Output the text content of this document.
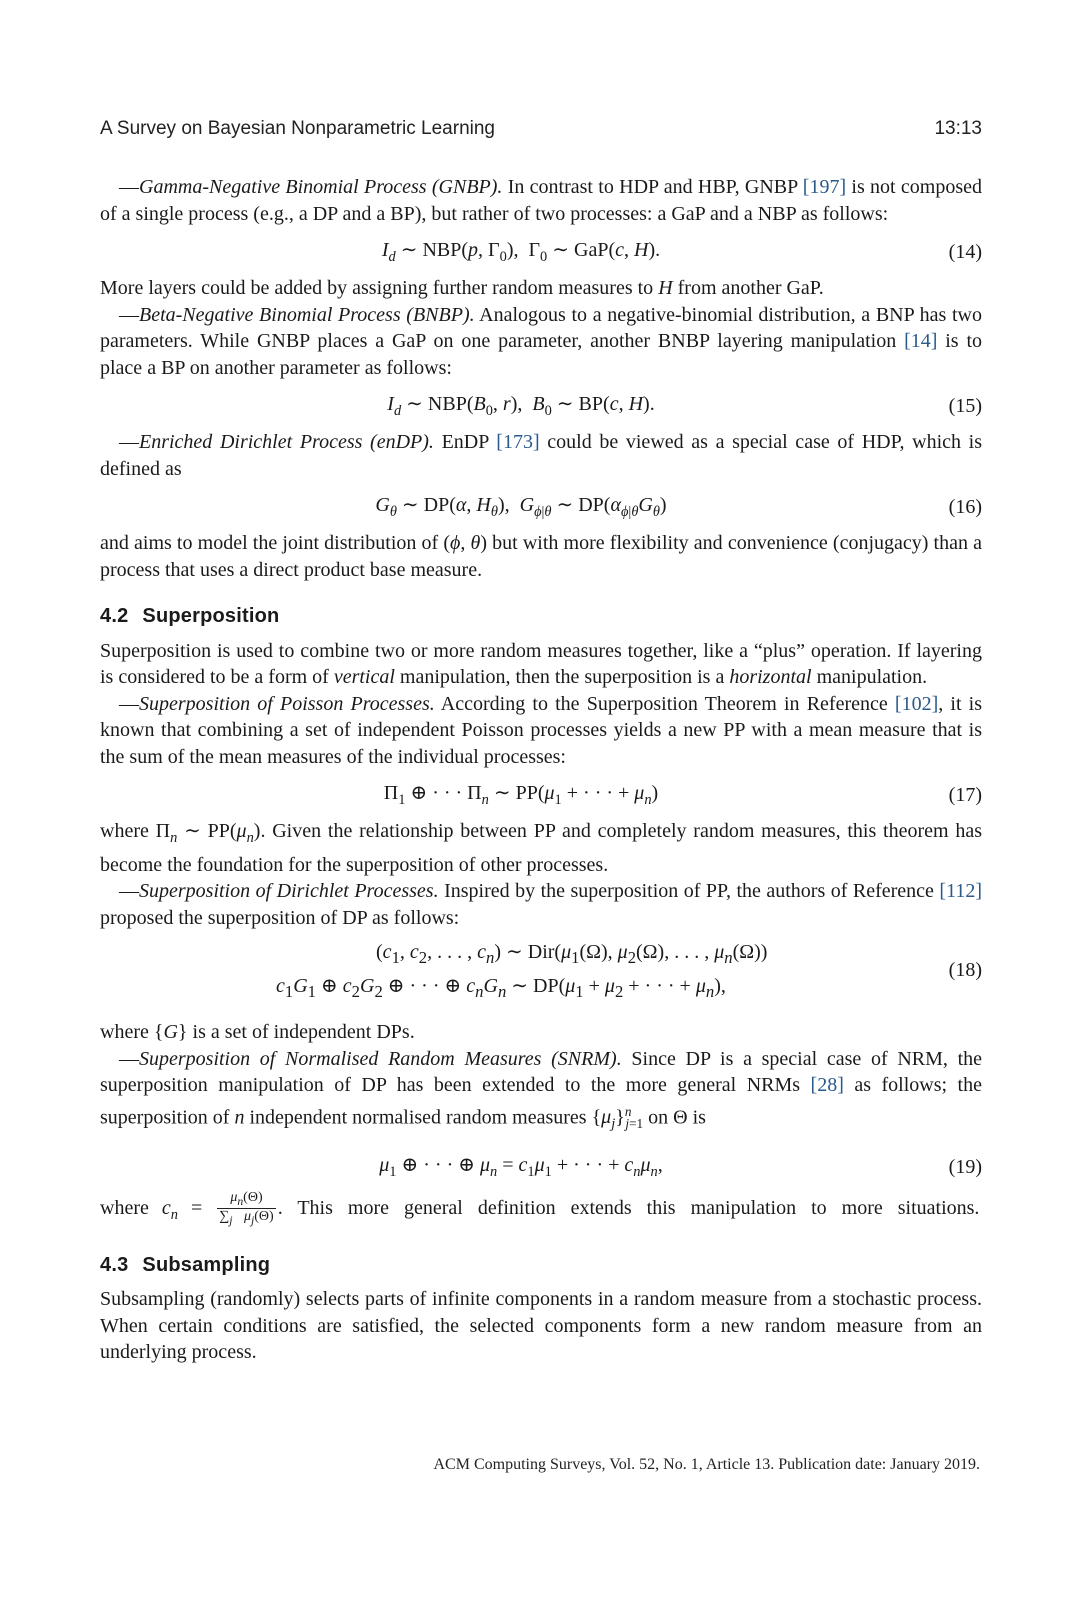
A Survey on Bayesian Nonparametric Learning	13:13

—Gamma-Negative Binomial Process (GNBP). In contrast to HDP and HBP, GNBP [197] is not composed of a single process (e.g., a DP and a BP), but rather of two processes: a GaP and a NBP as follows:

$I_d$ ∼ NBP(p, $\Gamma_0$),  $\Gamma_0$ ∼ GaP(c, H).	(14)

More layers could be added by assigning further random measures to H from another GaP.

—Beta-Negative Binomial Process (BNBP). Analogous to a negative-binomial distribution, a BNP has two parameters. While GNBP places a GaP on one parameter, another BNBP layering manipulation [14] is to place a BP on another parameter as follows:

$I_d$ ∼ $NBP(B_0$, r),  $B_0$ ∼ BP(c, H).	(15)

—Enriched Dirichlet Process (enDP). EnDP [173] could be viewed as a special case of HDP, which is defined as

$G_\theta$ ∼ DP(α, $H_\theta$),  $G_{\phi|\theta}$ ∼ $DP(\alpha_{\phi|\theta}G_\theta)$	(16)

and aims to model the joint distribution of (ϕ, θ) but with more flexibility and convenience (conjugacy) than a process that uses a direct product base measure.

4.2 Superposition

Superposition is used to combine two or more random measures together, like a “plus” operation. If layering is considered to be a form of vertical manipulation, then the superposition is a horizontal manipulation.

—Superposition of Poisson Processes. According to the Superposition Theorem in Reference [102], it is known that combining a set of independent Poisson processes yields a new PP with a mean measure that is the sum of the mean measures of the individual processes:

$\Pi_1$ ⊕ · · · $\Pi_n$ ∼ $PP(\mu_1$ + · · · + $\mu_n$)	(17)

where $\Pi_n$ ∼ $PP(\mu_n)$. Given the relationship between PP and completely random measures, this theorem has become the foundation for the superposition of other processes.

—Superposition of Dirichlet Processes. Inspired by the superposition of PP, the authors of Reference [112] proposed the superposition of DP as follows:

($c_1$, $c_2$, . . . , $c_n$) ∼ $Dir(\mu_1(\Omega)$, $\mu_2(\Omega)$, . . . , $\mu_n(\Omega)$)
$c_1G_1$ ⊕ $c_2G_2$ ⊕ · · · ⊕ $c_nG_n$ ∼ $DP(\mu_1 + \mu_2$ + · · · + $\mu_n$),
(18)

where {G} is a set of independent DPs.

—Superposition of Normalised Random Measures (SNRM). Since DP is a special case of NRM, the superposition manipulation of DP has been extended to the more general NRMs [28] as follows; the superposition of n independent normalised random measures $\{\mu_j\}^n_{j=1}$ on Θ is

$\mu_1$ ⊕ · · · ⊕ $\mu_n = c_1\mu_1$ + · · · + $c_n\mu_n$,	(19)

where $c_n = \frac{\mu_n(\Theta)}{\sum_j \mu_j(\Theta)}$ . This more general definition extends this manipulation to more situations.

4.3 Subsampling

Subsampling (randomly) selects parts of infinite components in a random measure from a stochastic process. When certain conditions are satisfied, the selected components form a new random measure from an underlying process.

ACM Computing Surveys, Vol. 52, No. 1, Article 13. Publication date: January 2019.
